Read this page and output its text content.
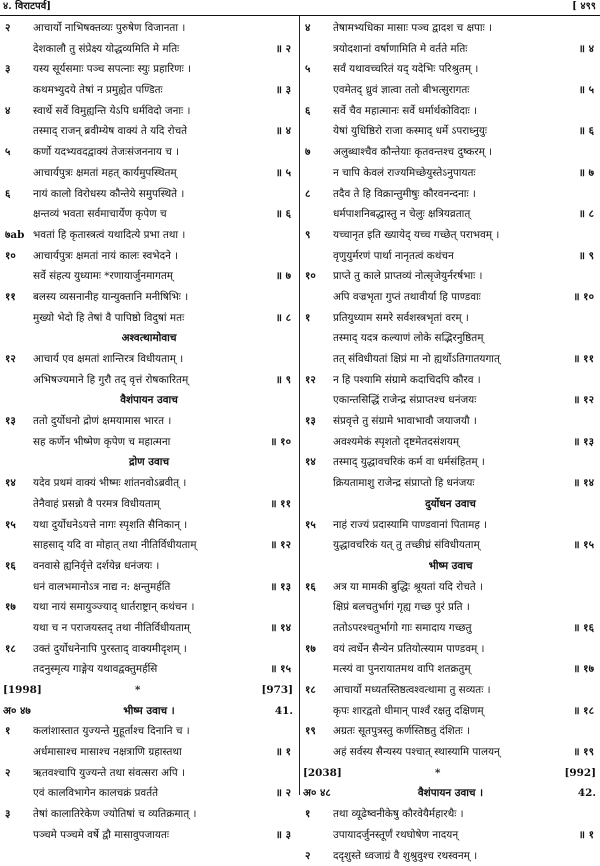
४. विराटपर्व]	[ ४९९
२	आचार्यो नाभिषक्तव्यः पुरुषेण विजानता ।
देशकालौ तु संप्रेक्ष्य योद्धव्यमिति मे मतिः	॥ २
३	यस्य सूर्यसमाः पञ्च सपत्नाः स्युः प्रहारिणः ।
कथमभ्युदये तेषां न प्रमुह्येत पण्डितः	॥ ३
४	स्वार्थे सर्वे विमुह्यन्ति येऽपि धर्मविदो जनाः ।
तस्माद् राजन् ब्रवीम्येष वाक्यं ते यदि रोचते	॥ ४
५	कर्णो यदभ्यवदद्वाक्यं तेजःसंजननाय च ।
आचार्यपुत्रः क्षमतां महत् कार्यमुपस्थितम्	॥ ५
६	नायं कालो विरोधस्य कौन्तेये समुपस्थिते ।
क्षन्तव्यं भवता सर्वमाचार्येण कृपेण च	॥ ६
७ab भवतां हि कृतास्त्रत्वं यथादित्ये प्रभा तथा ।
१०	आचार्यपुत्रः क्षमतां नायं कालः स्वभेदने ।
सर्वे संहत्य युध्यामः *रणायार्जुनमागतम्	॥ ७
११	बलस्य व्यसनानीह यान्युक्तानि मनीषिभिः ।
मुख्यो भेदो हि तेषां वै पापिष्ठो विदुषां मतः	॥ ८
अश्वत्थामोवाच
१२	आचार्य एव क्षमतां शान्तिरत्र विधीयताम् ।
अभिषज्यमाने हि गुरौ तद् वृत्तं रोषकारितम्	॥ ९
वैशंपायन उवाच
१३	ततो दुर्योधनो द्रोणं क्षमयामास भारत ।
सह कर्णेन भीष्मेण कृपेण च महात्मना	॥ १०
द्रोण उवाच
१४	यदेव प्रथमं वाक्यं भीष्मः शांतनवोऽब्रवीत् ।
तेनैवाहं प्रसन्नो वै परमत्र विधीयताम्	॥ ११
१५	यथा दुर्योधनेऽयत्ते नागः स्पृशति सैनिकान् ।
साहसाद् यदि वा मोहात् तथा नीतिर्विधीयताम्	॥ १२
१६	वनवासे ह्यनिर्वृत्ते दर्शयेन्न धनंजयः ।
धनं वालभमानोऽत्र नाद्य न: क्षन्तुमर्हति	॥ १३
१७	यथा नायं समायुञ्ज्याद् धार्तराष्ट्रान् कथंचन ।
यथा च न पराजयस्तद् तथा नीतिर्विधीयताम्	॥ १४
१८	उक्तं दुर्योधनेनापि पुरस्ताद् वाक्यमीदृशम् ।
तदनुस्मृत्य गाङ्गेय यथावद्वक्तुमर्हसि	॥ १५
[1998]	*	[973]
अ० ४७	भीष्म उवाच ।	41.
१	कलांशास्तात युज्यन्ते मुहूर्ताश्च दिनानि च ।
अर्धमासाश्च मासाश्च नक्षत्राणि ग्रहास्तथा	॥ १
२	ऋतवश्चापि युज्यन्ते तथा संवत्सरा अपि ।
एवं कालविभागेन कालचक्रं प्रवर्तते	॥ २
३	तेषां कालातिरेकेण ज्योतिषां च व्यतिक्रमात् ।
पञ्चमे पञ्चमे वर्षे द्वौ मासावुपजायतः	॥ ३
४	तेषामभ्यधिका मासाः पञ्च द्वादश च क्षपाः ।
त्रयोदशानां वर्षाणामिति मे वर्तते मतिः	॥ ४
५	सर्वं यथावच्चरितं यद् यदेभिः परिश्रुतम् ।
एवमेतद् ध्रुवं ज्ञात्वा ततो बीभत्सुरागतः	॥ ५
६	सर्वे चैव महात्मानः सर्वे धर्मार्थकोविदाः ।
येषां युधिष्ठिरो राजा कस्माद् धर्मे ऽपराध्नुयुः	॥ ६
७	अलुब्धाश्चैव कौन्तेयाः कृतवन्तश्च दुष्करम् ।
न चापि केवलं राज्यमिच्छेयुस्तेऽनुपायतः	॥ ७
८	तदैव ते हि विक्रान्तुमीषुः कौरवनन्दनाः ।
धर्मपाशनिबद्धास्तु न चेलुः क्षत्रियव्रतात्	॥ ८
९	यच्चानृत इति ख्यायेद् यच्च गच्छेत् पराभवम् ।
वृणुयुर्मरणं पार्था नानृतत्वं कथंचन	॥ ९
१०	प्राप्ते तु काले प्राप्तव्यं नोत्सृजेयुर्नरर्षभाः ।
अपि वज्रभृता गुप्तं तथावीर्या हि पाण्डवाः	॥ १०
१	प्रतियुध्याम समरे सर्वशस्त्रभृतां वरम् ।
तस्माद् यदत्र कल्याणं लोके सद्भिरनुष्ठितम्
तत् संविधीयतां क्षिप्रं मा नो ह्यर्थोऽतिगातयगात्	॥ ११
१२	न हि पश्यामि संग्रामे कदाचिदपि कौरव ।
एकान्तसिद्धिं राजेन्द्र संप्राप्तश्च धनंजयः	॥ १२
१३	संप्रवृत्ते तु संग्रामे भावाभावौ जयाजयौ ।
अवश्यमेकं स्पृशतो दृष्टमेतदसंशयम्	॥ १३
१४	तस्माद् युद्धावचरिकं कर्म वा धर्मसंहितम् ।
क्रियतामाशु राजेन्द्र संप्राप्तो हि धनंजयः	॥ १४
दुर्योधन उवाच
१५	नाहं राज्यं प्रदास्यामि पाण्डवानां पितामह ।
युद्धावचरिकं यत् तु तच्छीघ्रं संविधीयताम्	॥ १५
भीष्म उवाच
१६	अत्र या मामकी बुद्धिः श्रूयतां यदि रोचते ।
क्षिप्रं बलचतुर्भागं गृह्य गच्छ पुरं प्रति ।
ततोऽपरश्चतुर्भागो गाः समादाय गच्छतु	॥ १६
१७	वयं त्वर्धेन सैन्येन प्रतियोत्स्याम पाण्डवम् ।
मत्स्यं वा पुनरायातमथ वापि शतक्रतुम्	॥ १७
१८	आचार्यो मध्यतस्तिष्ठत्वश्वत्थामा तु सव्यतः ।
कृपः शारद्वतो धीमान् पार्श्वं रक्षतु दक्षिणम्	॥ १८
१९	अग्रतः सूतपुत्रस्तु कर्णस्तिष्ठतु दंशितः ।
अहं सर्वस्य सैन्यस्य पश्चात् स्थास्यामि पालयन्	॥ १९
[2038]	*	[992]
अ० ४८	वैशंपायन उवाच ।	42.
१	तथा व्यूढेष्वनीकेषु कौरवेयैर्महारथैः ।
उपायादर्जुनस्तूर्णं रथघोषेण नादयन्	॥ १
२	ददृशुस्ते ध्वजाग्रं वै शुश्रुवुश्च रथस्वनम् ।
